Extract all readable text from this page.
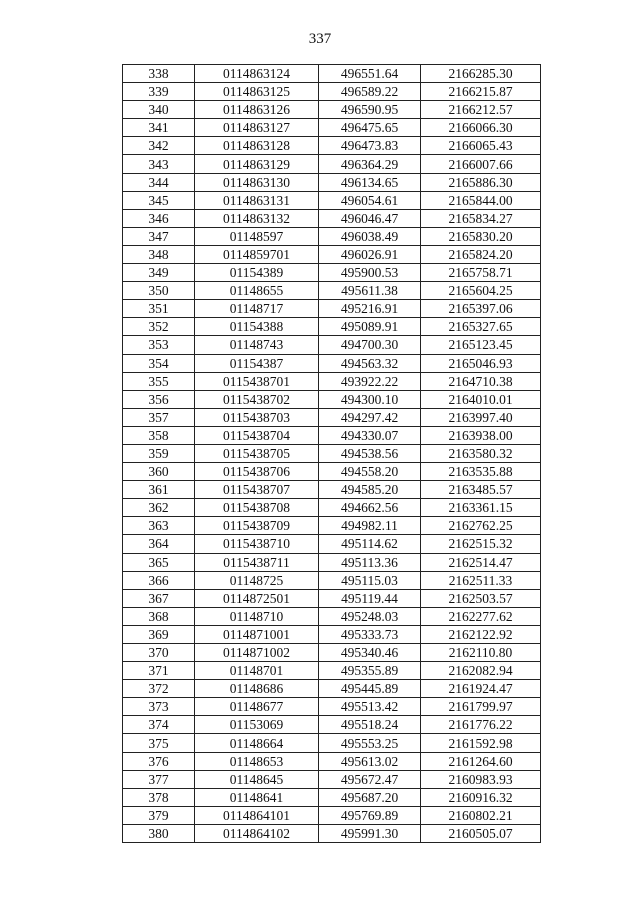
337
338	0114863124	496551.64	2166285.30
339	0114863125	496589.22	2166215.87
340	0114863126	496590.95	2166212.57
341	0114863127	496475.65	2166066.30
342	0114863128	496473.83	2166065.43
343	0114863129	496364.29	2166007.66
344	0114863130	496134.65	2165886.30
345	0114863131	496054.61	2165844.00
346	0114863132	496046.47	2165834.27
347	01148597	496038.49	2165830.20
348	0114859701	496026.91	2165824.20
349	01154389	495900.53	2165758.71
350	01148655	495611.38	2165604.25
351	01148717	495216.91	2165397.06
352	01154388	495089.91	2165327.65
353	01148743	494700.30	2165123.45
354	01154387	494563.32	2165046.93
355	0115438701	493922.22	2164710.38
356	0115438702	494300.10	2164010.01
357	0115438703	494297.42	2163997.40
358	0115438704	494330.07	2163938.00
359	0115438705	494538.56	2163580.32
360	0115438706	494558.20	2163535.88
361	0115438707	494585.20	2163485.57
362	0115438708	494662.56	2163361.15
363	0115438709	494982.11	2162762.25
364	0115438710	495114.62	2162515.32
365	0115438711	495113.36	2162514.47
366	01148725	495115.03	2162511.33
367	0114872501	495119.44	2162503.57
368	01148710	495248.03	2162277.62
369	0114871001	495333.73	2162122.92
370	0114871002	495340.46	2162110.80
371	01148701	495355.89	2162082.94
372	01148686	495445.89	2161924.47
373	01148677	495513.42	2161799.97
374	01153069	495518.24	2161776.22
375	01148664	495553.25	2161592.98
376	01148653	495613.02	2161264.60
377	01148645	495672.47	2160983.93
378	01148641	495687.20	2160916.32
379	0114864101	495769.89	2160802.21
380	0114864102	495991.30	2160505.07
